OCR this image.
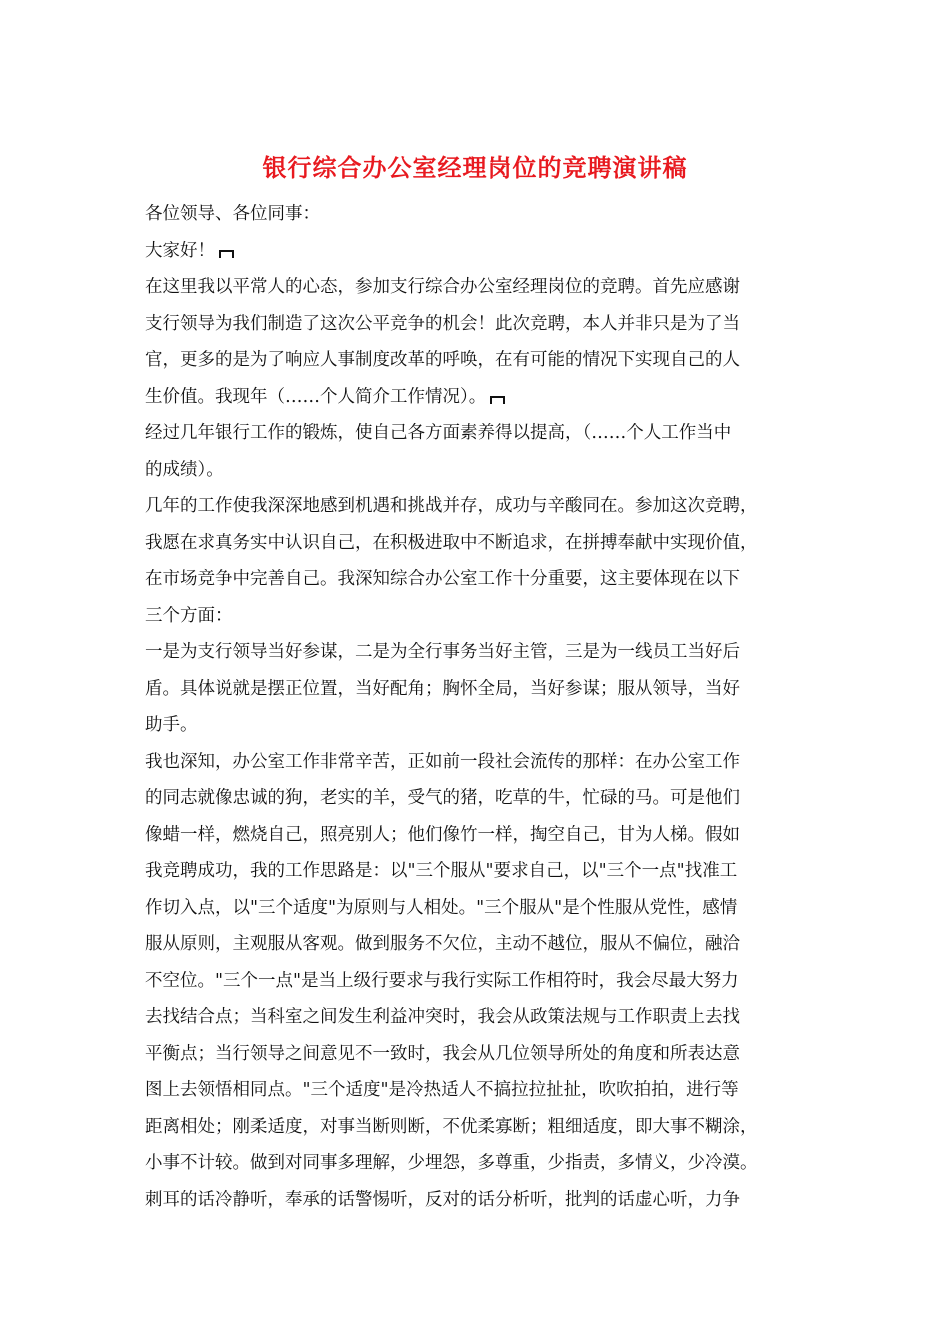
银行综合办公室经理岗位的竞聘演讲稿
各位领导、各位同事：
大家好！
在这里我以平常人的心态，参加支行综合办公室经理岗位的竞聘。首先应感谢
支行领导为我们制造了这次公平竞争的机会！此次竞聘，本人并非只是为了当
官，更多的是为了响应人事制度改革的呼唤，在有可能的情况下实现自己的人
生价值。我现年（……个人简介工作情况）。
经过几年银行工作的锻炼，使自己各方面素养得以提高，（……个人工作当中
的成绩）。
几年的工作使我深深地感到机遇和挑战并存，成功与辛酸同在。参加这次竞聘，
我愿在求真务实中认识自己，在积极进取中不断追求，在拼搏奉献中实现价值，
在市场竞争中完善自己。我深知综合办公室工作十分重要，这主要体现在以下
三个方面：
一是为支行领导当好参谋，二是为全行事务当好主管，三是为一线员工当好后
盾。具体说就是摆正位置，当好配角；胸怀全局，当好参谋；服从领导，当好
助手。
我也深知，办公室工作非常辛苦，正如前一段社会流传的那样：在办公室工作
的同志就像忠诚的狗，老实的羊，受气的猪，吃草的牛，忙碌的马。可是他们
像蜡一样，燃烧自己，照亮别人；他们像竹一样，掏空自己，甘为人梯。假如
我竞聘成功，我的工作思路是：以"三个服从"要求自己，以"三个一点"找准工
作切入点，以"三个适度"为原则与人相处。"三个服从"是个性服从党性，感情
服从原则，主观服从客观。做到服务不欠位，主动不越位，服从不偏位，融洽
不空位。"三个一点"是当上级行要求与我行实际工作相符时，我会尽最大努力
去找结合点；当科室之间发生利益冲突时，我会从政策法规与工作职责上去找
平衡点；当行领导之间意见不一致时，我会从几位领导所处的角度和所表达意
图上去领悟相同点。"三个适度"是冷热适人不搞拉拉扯扯，吹吹拍拍，进行等
距离相处；刚柔适度，对事当断则断，不优柔寡断；粗细适度，即大事不糊涂，
小事不计较。做到对同事多理解，少埋怨，多尊重，少指责，多情义，少冷漠。
刺耳的话冷静听，奉承的话警惕听，反对的话分析听，批判的话虚心听，力争
